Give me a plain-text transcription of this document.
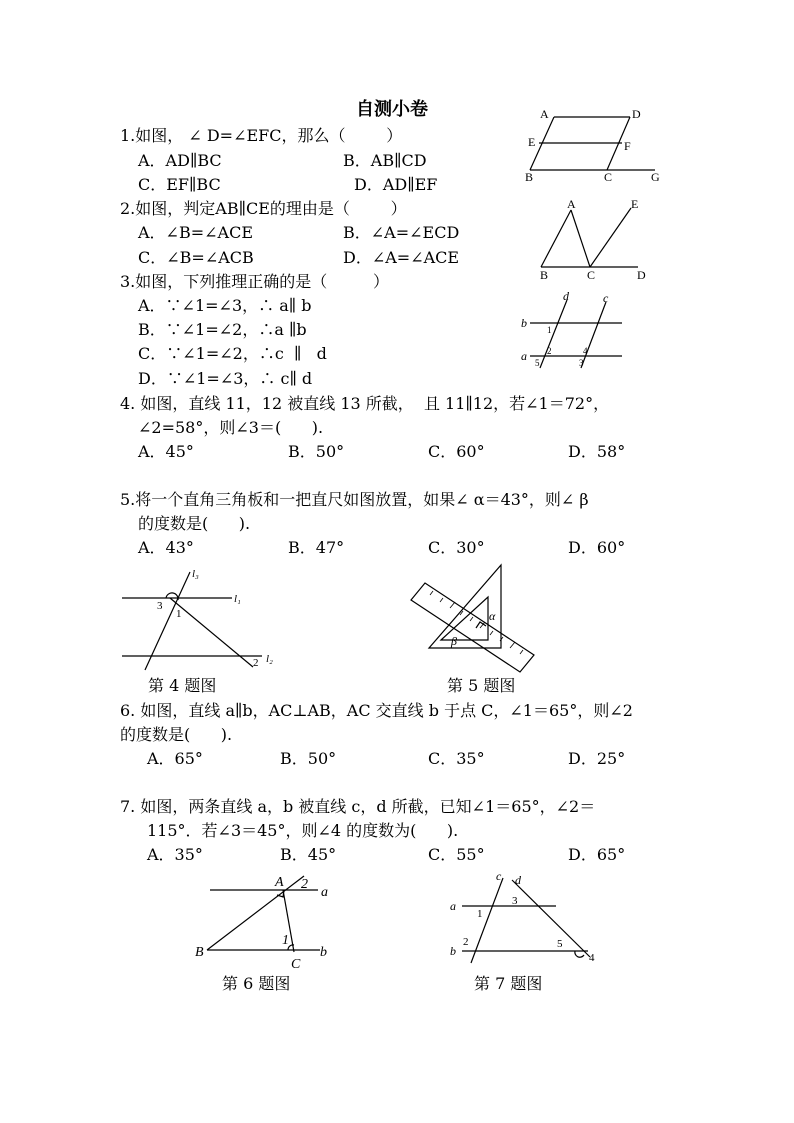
自测小卷
1.如图， ∠ D=∠EFC，那么（        ）
A．AD∥BC	B．AB∥CD
C．EF∥BC	D．AD∥EF
2.如图，判定AB∥CE的理由是（        ）
A．∠B=∠ACE	B．∠A=∠ECD
C．∠B=∠ACB	D．∠A=∠ACE
3.如图，下列推理正确的是（         ）
A．∵∠1=∠3，∴ a∥ b
B．∵∠1=∠2，∴a ∥b
C．∵∠1=∠2，∴c  ∥   d
D．∵∠1=∠3，∴ c∥ d
4. 如图，直线 11，12 被直线 13 所截，  且 11∥12，若∠1＝72°，
∠2=58°，则∠3＝(      ).
A．45°	B．50°	C．60°	D．58°
5.将一个直角三角板和一把直尺如图放置，如果∠ α＝43°，则∠ β
的度数是(      ).
A．43°	B．47°	C．30°	D．60°
第 4 题图	第 5 题图
6. 如图，直线 a∥b，AC⊥AB，AC 交直线 b 于点 C，∠1＝65°，则∠2
的度数是(      ).
A．65°	B．50°	C．35°	D．25°
7. 如图，两条直线 a，b 被直线 c，d 所截，已知∠1＝65°，∠2＝
115°．若∠3＝45°，则∠4 的度数为(      ).
A．35°	B．45°	C．55°	D．65°
第 6 题图	第 7 题图
A	D
E	F
B	C	G
A	E
B	C	D
d	c
b
a
1
2
3
4
5
l₃
l₁
l₂
3
1
2
α
β
A 2
a
B
1
C
b
c d
a
b
1
3
2	5
4
